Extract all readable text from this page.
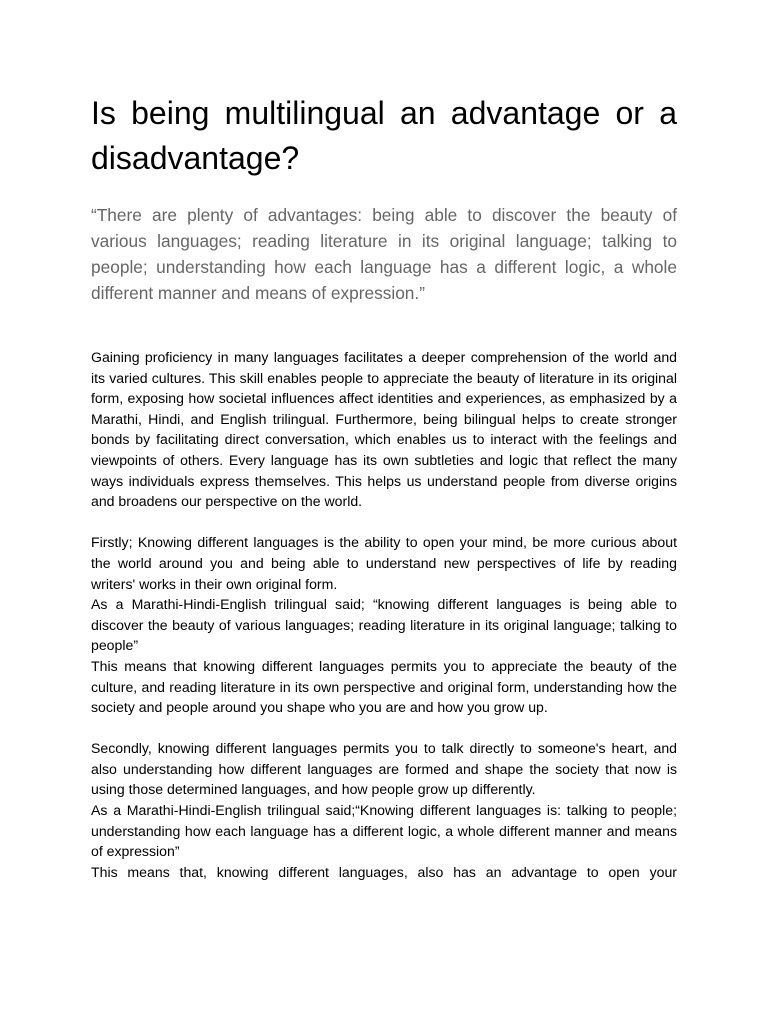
Is being multilingual an advantage or a disadvantage?

“There are plenty of advantages: being able to discover the beauty of various languages; reading literature in its original language; talking to people; understanding how each language has a different logic, a whole different manner and means of expression.”

Gaining proficiency in many languages facilitates a deeper comprehension of the world and its varied cultures. This skill enables people to appreciate the beauty of literature in its original form, exposing how societal influences affect identities and experiences, as emphasized by a Marathi, Hindi, and English trilingual. Furthermore, being bilingual helps to create stronger bonds by facilitating direct conversation, which enables us to interact with the feelings and viewpoints of others. Every language has its own subtleties and logic that reflect the many ways individuals express themselves. This helps us understand people from diverse origins and broadens our perspective on the world.

Firstly; Knowing different languages is the ability to open your mind, be more curious about the world around you and being able to understand new perspectives of life by reading writers' works in their own original form.

As a Marathi-Hindi-English trilingual said; “knowing different languages is being able to discover the beauty of various languages; reading literature in its original language; talking to people”

This means that knowing different languages permits you to appreciate the beauty of the culture, and reading literature in its own perspective and original form, understanding how the society and people around you shape who you are and how you grow up.

Secondly, knowing different languages permits you to talk directly to someone's heart, and also understanding how different languages are formed and shape the society that now is using those determined languages, and how people grow up differently.

As a Marathi-Hindi-English trilingual said;“Knowing different languages is: talking to people; understanding how each language has a different logic, a whole different manner and means of expression”

This means that, knowing different languages, also has an advantage to open your
